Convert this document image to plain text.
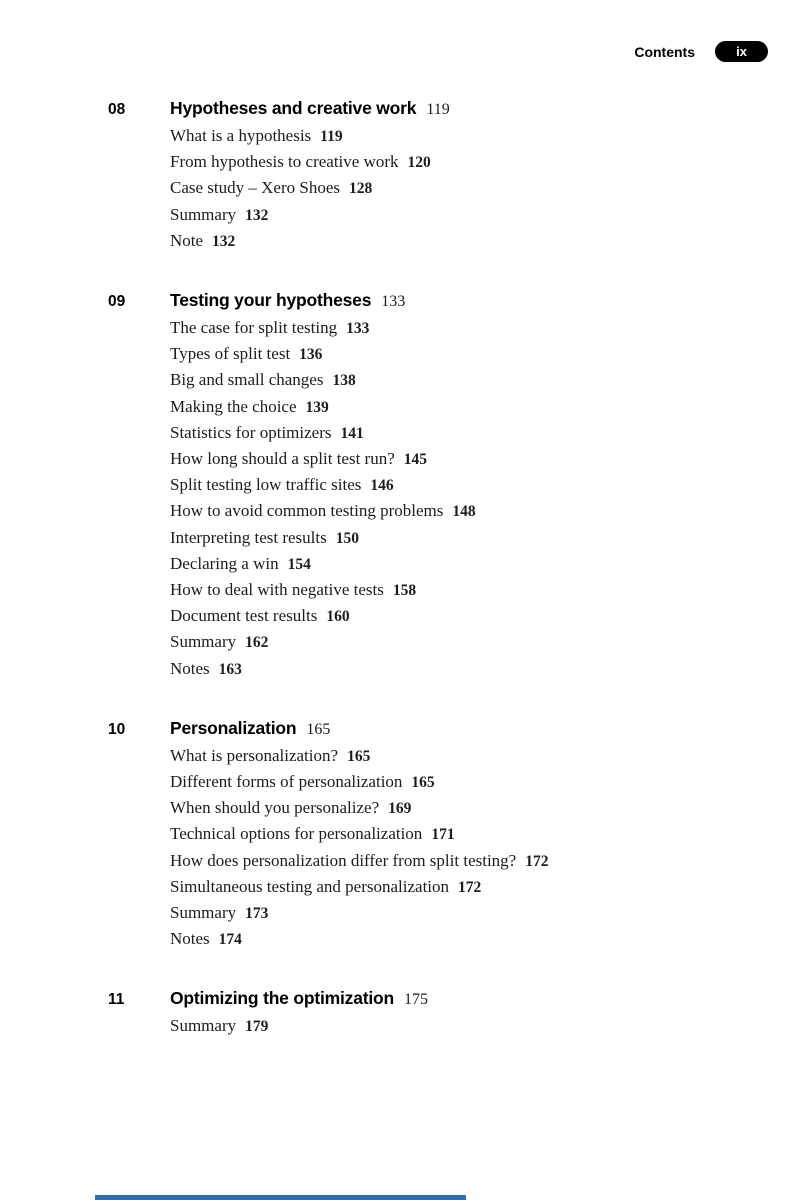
Contents	ix
08	Hypotheses and creative work 119
What is a hypothesis 119
From hypothesis to creative work 120
Case study – Xero Shoes 128
Summary 132
Note 132
09	Testing your hypotheses 133
The case for split testing 133
Types of split test 136
Big and small changes 138
Making the choice 139
Statistics for optimizers 141
How long should a split test run? 145
Split testing low traffic sites 146
How to avoid common testing problems 148
Interpreting test results 150
Declaring a win 154
How to deal with negative tests 158
Document test results 160
Summary 162
Notes 163
10	Personalization 165
What is personalization? 165
Different forms of personalization 165
When should you personalize? 169
Technical options for personalization 171
How does personalization differ from split testing? 172
Simultaneous testing and personalization 172
Summary 173
Notes 174
11	Optimizing the optimization 175
Summary 179
